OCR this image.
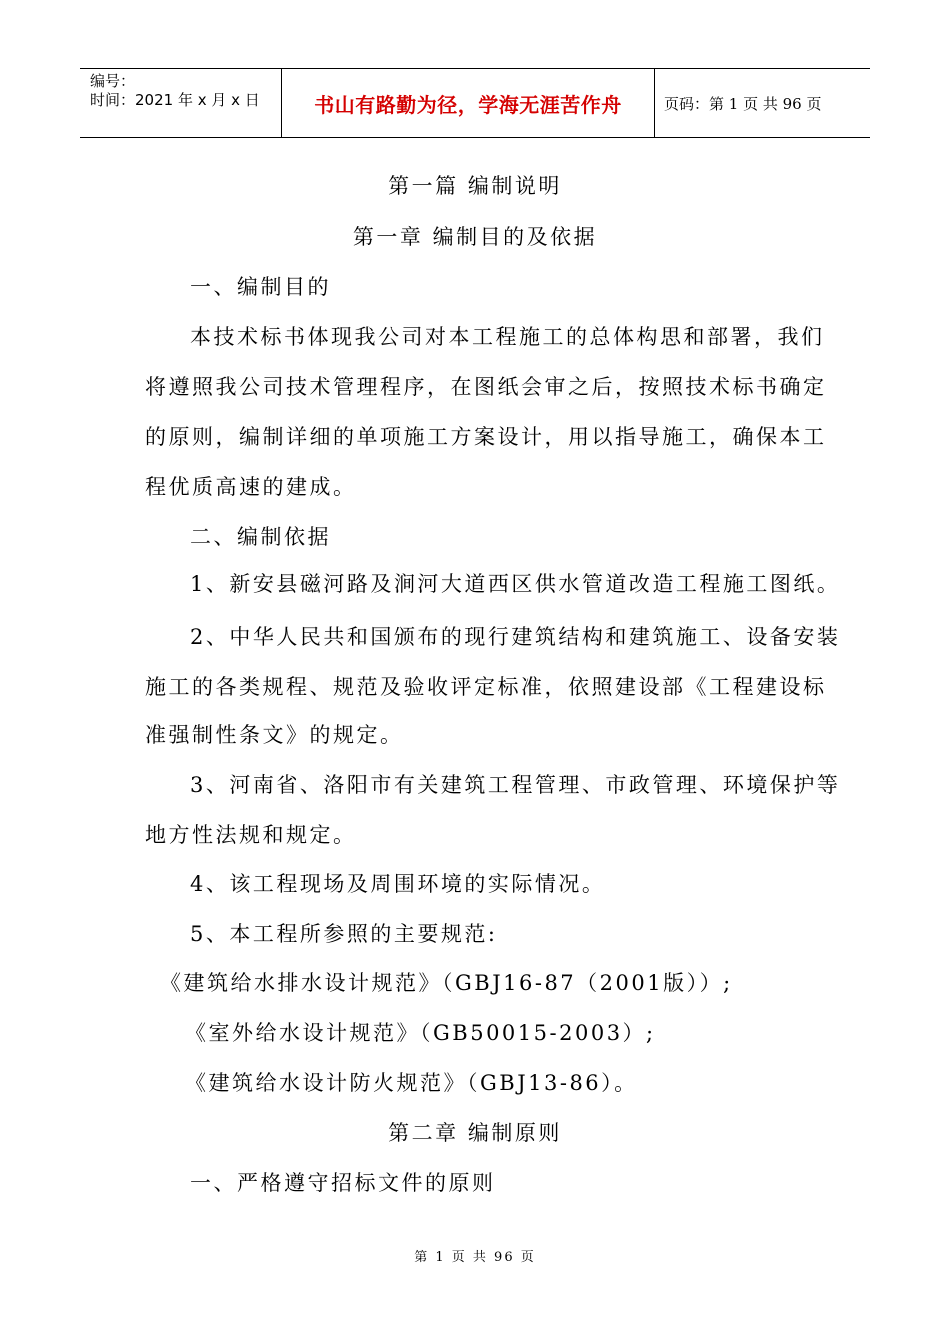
编号：
时间：2021 年 x 月 x 日	书山有路勤为径，学海无涯苦作舟	页码：第 1 页 共 96 页
第一篇 编制说明
第一章 编制目的及依据
一、编制目的
本技术标书体现我公司对本工程施工的总体构思和部署，我们
将遵照我公司技术管理程序，在图纸会审之后，按照技术标书确定
的原则，编制详细的单项施工方案设计，用以指导施工，确保本工
程优质高速的建成。
二、编制依据
1、新安县磁河路及涧河大道西区供水管道改造工程施工图纸。
2、中华人民共和国颁布的现行建筑结构和建筑施工、设备安装
施工的各类规程、规范及验收评定标准，依照建设部《工程建设标
准强制性条文》的规定。
3、河南省、洛阳市有关建筑工程管理、市政管理、环境保护等
地方性法规和规定。
4、该工程现场及周围环境的实际情况。
5、本工程所参照的主要规范:
《建筑给水排水设计规范》（GBJ16-87（2001版））;
《室外给水设计规范》（GB50015-2003）;
《建筑给水设计防火规范》（GBJ13-86）。
第二章 编制原则
一、严格遵守招标文件的原则
第 1 页 共 96 页
